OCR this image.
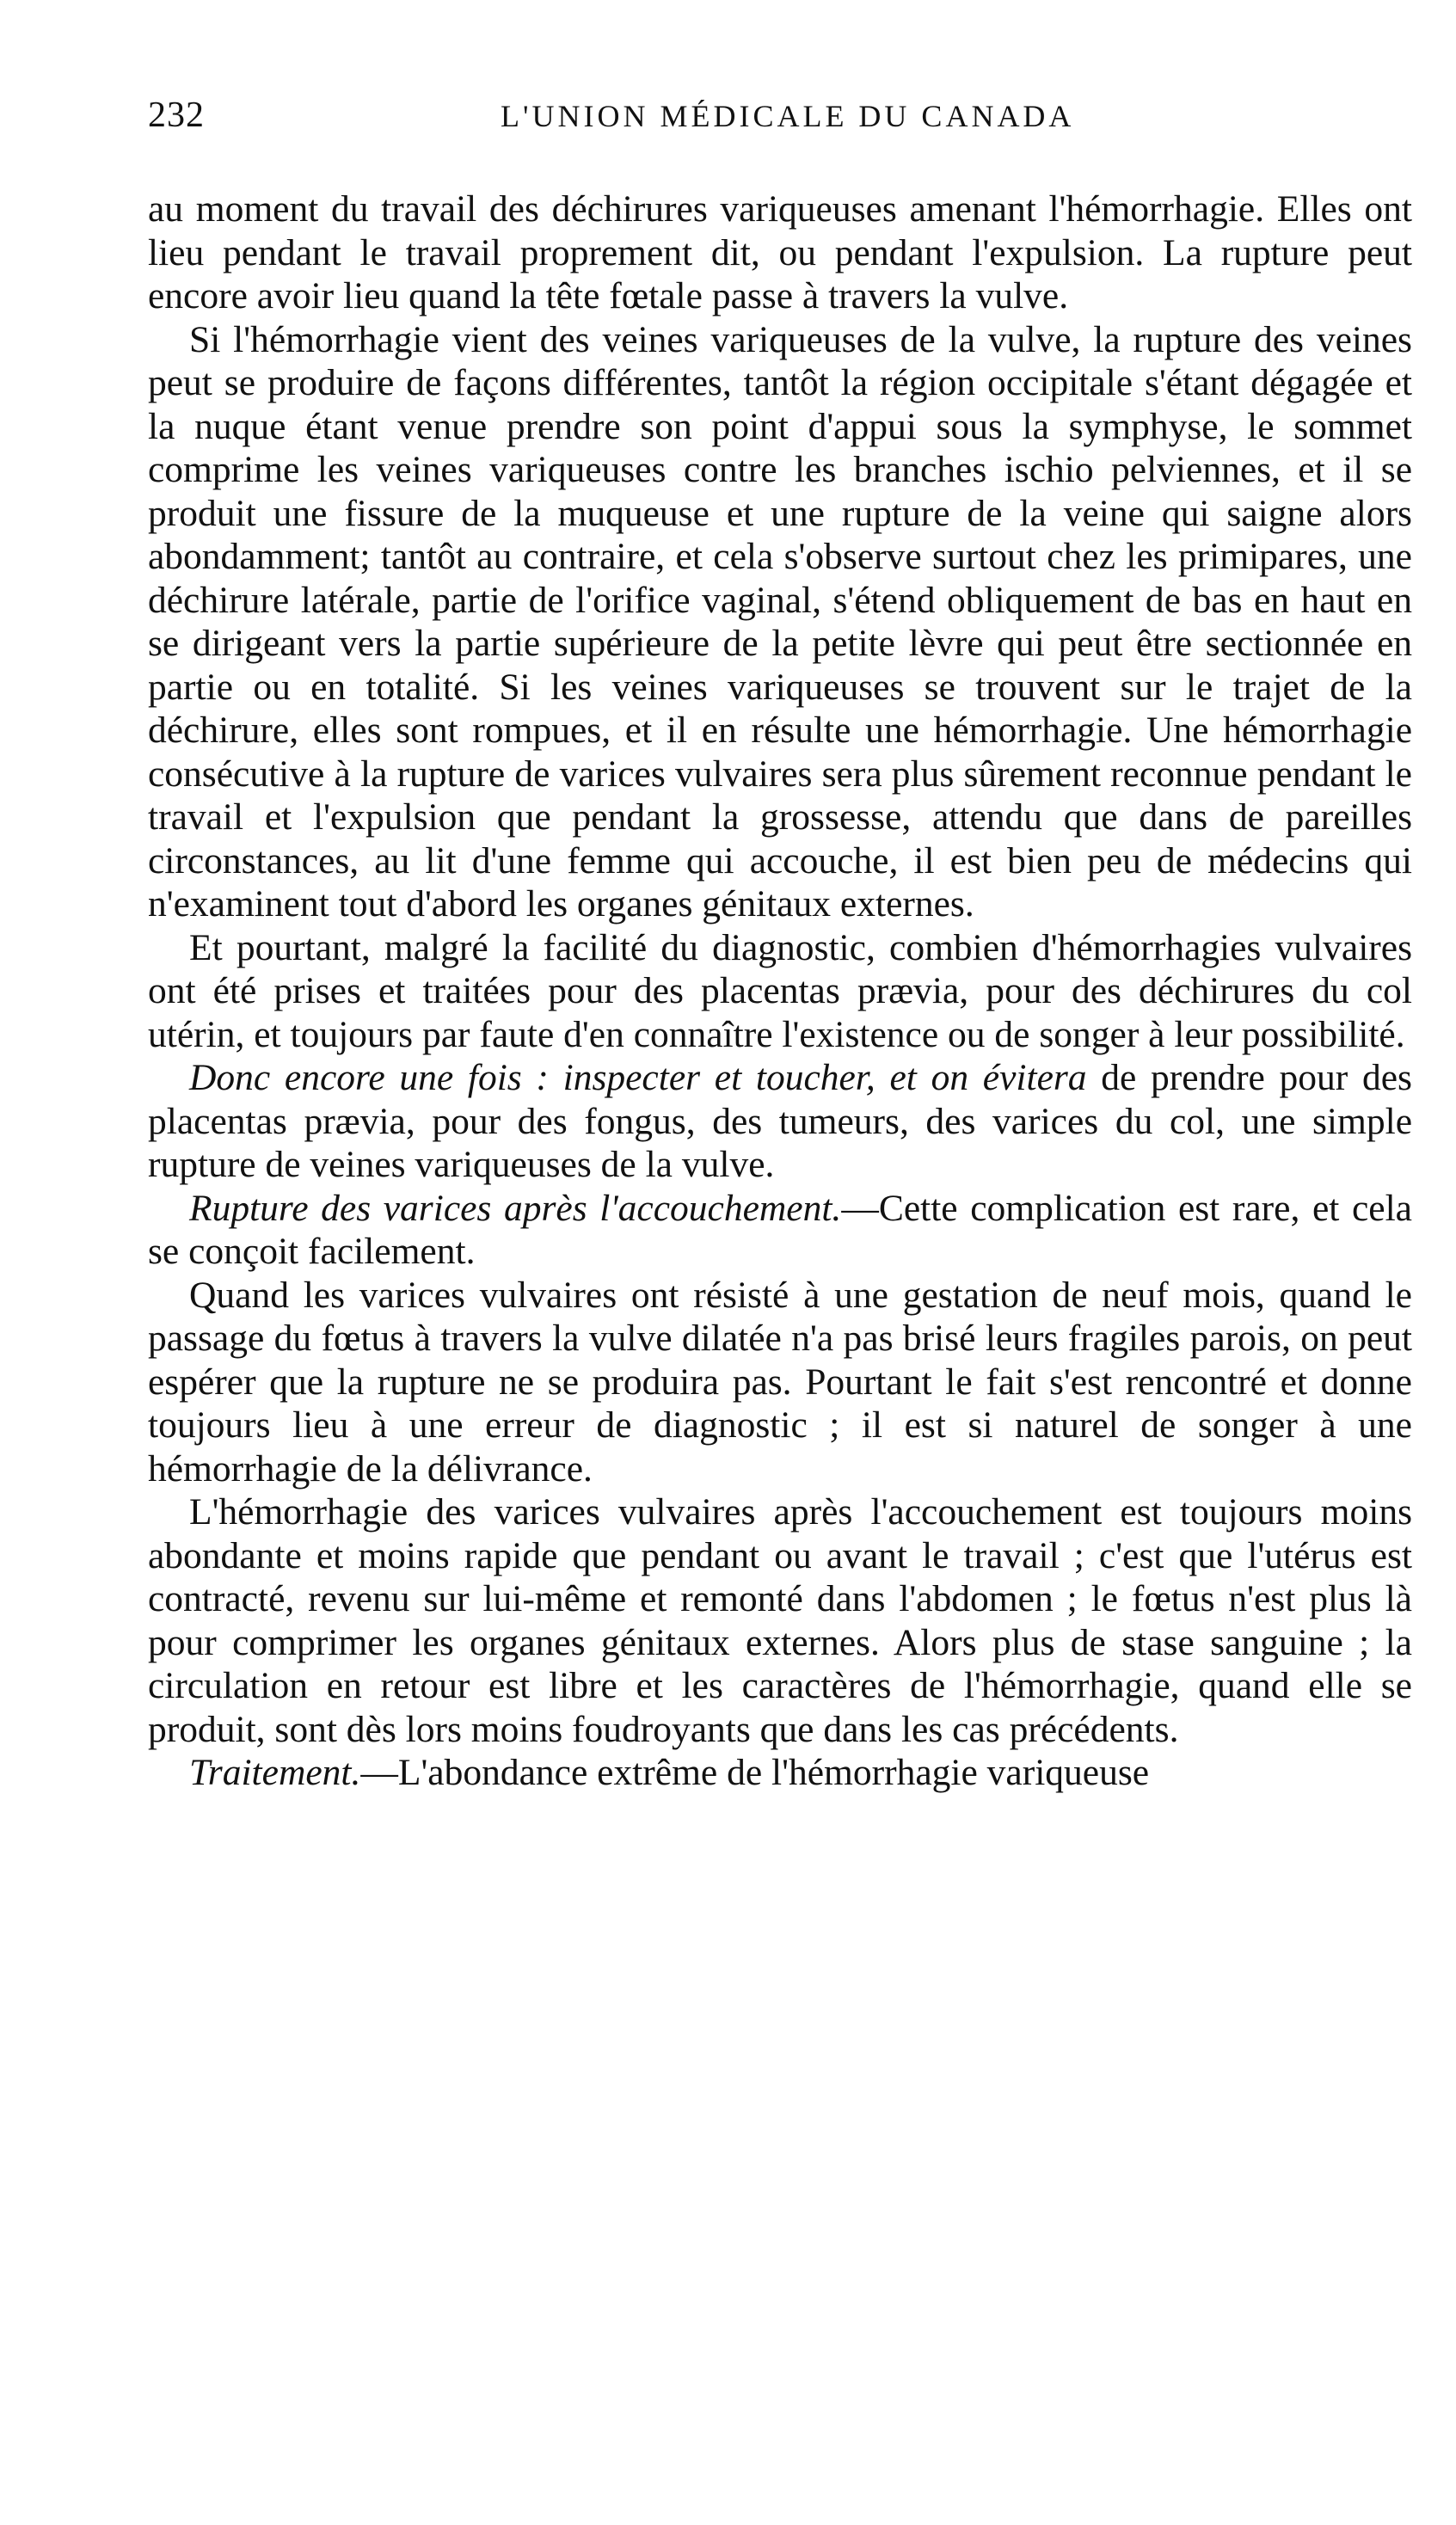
232	L'UNION MÉDICALE DU CANADA

au moment du travail des déchirures variqueuses amenant l'hémorrhagie. Elles ont lieu pendant le travail proprement dit, ou pendant l'expulsion. La rupture peut encore avoir lieu quand la tête fœtale passe à travers la vulve.

Si l'hémorrhagie vient des veines variqueuses de la vulve, la rupture des veines peut se produire de façons différentes, tantôt la région occipitale s'étant dégagée et la nuque étant venue prendre son point d'appui sous la symphyse, le sommet comprime les veines variqueuses contre les branches ischio pelviennes, et il se produit une fissure de la muqueuse et une rupture de la veine qui saigne alors abondamment; tantôt au contraire, et cela s'observe surtout chez les primipares, une déchirure latérale, partie de l'orifice vaginal, s'étend obliquement de bas en haut en se dirigeant vers la partie supérieure de la petite lèvre qui peut être sectionnée en partie ou en totalité. Si les veines variqueuses se trouvent sur le trajet de la déchirure, elles sont rompues, et il en résulte une hémorrhagie. Une hémorrhagie consécutive à la rupture de varices vulvaires sera plus sûrement reconnue pendant le travail et l'expulsion que pendant la grossesse, attendu que dans de pareilles circonstances, au lit d'une femme qui accouche, il est bien peu de médecins qui n'examinent tout d'abord les organes génitaux externes.

Et pourtant, malgré la facilité du diagnostic, combien d'hémorrhagies vulvaires ont été prises et traitées pour des placentas prævia, pour des déchirures du col utérin, et toujours par faute d'en connaître l'existence ou de songer à leur possibilité.

Donc encore une fois : inspecter et toucher, et on évitera de prendre pour des placentas prævia, pour des fongus, des tumeurs, des varices du col, une simple rupture de veines variqueuses de la vulve.

Rupture des varices après l'accouchement.—Cette complication est rare, et cela se conçoit facilement.

Quand les varices vulvaires ont résisté à une gestation de neuf mois, quand le passage du fœtus à travers la vulve dilatée n'a pas brisé leurs fragiles parois, on peut espérer que la rupture ne se produira pas. Pourtant le fait s'est rencontré et donne toujours lieu à une erreur de diagnostic ; il est si naturel de songer à une hémorrhagie de la délivrance.

L'hémorrhagie des varices vulvaires après l'accouchement est toujours moins abondante et moins rapide que pendant ou avant le travail ; c'est que l'utérus est contracté, revenu sur lui-même et remonté dans l'abdomen ; le fœtus n'est plus là pour comprimer les organes génitaux externes. Alors plus de stase sanguine ; la circulation en retour est libre et les caractères de l'hémorrhagie, quand elle se produit, sont dès lors moins foudroyants que dans les cas précédents.

Traitement.—L'abondance extrême de l'hémorrhagie variqueuse
